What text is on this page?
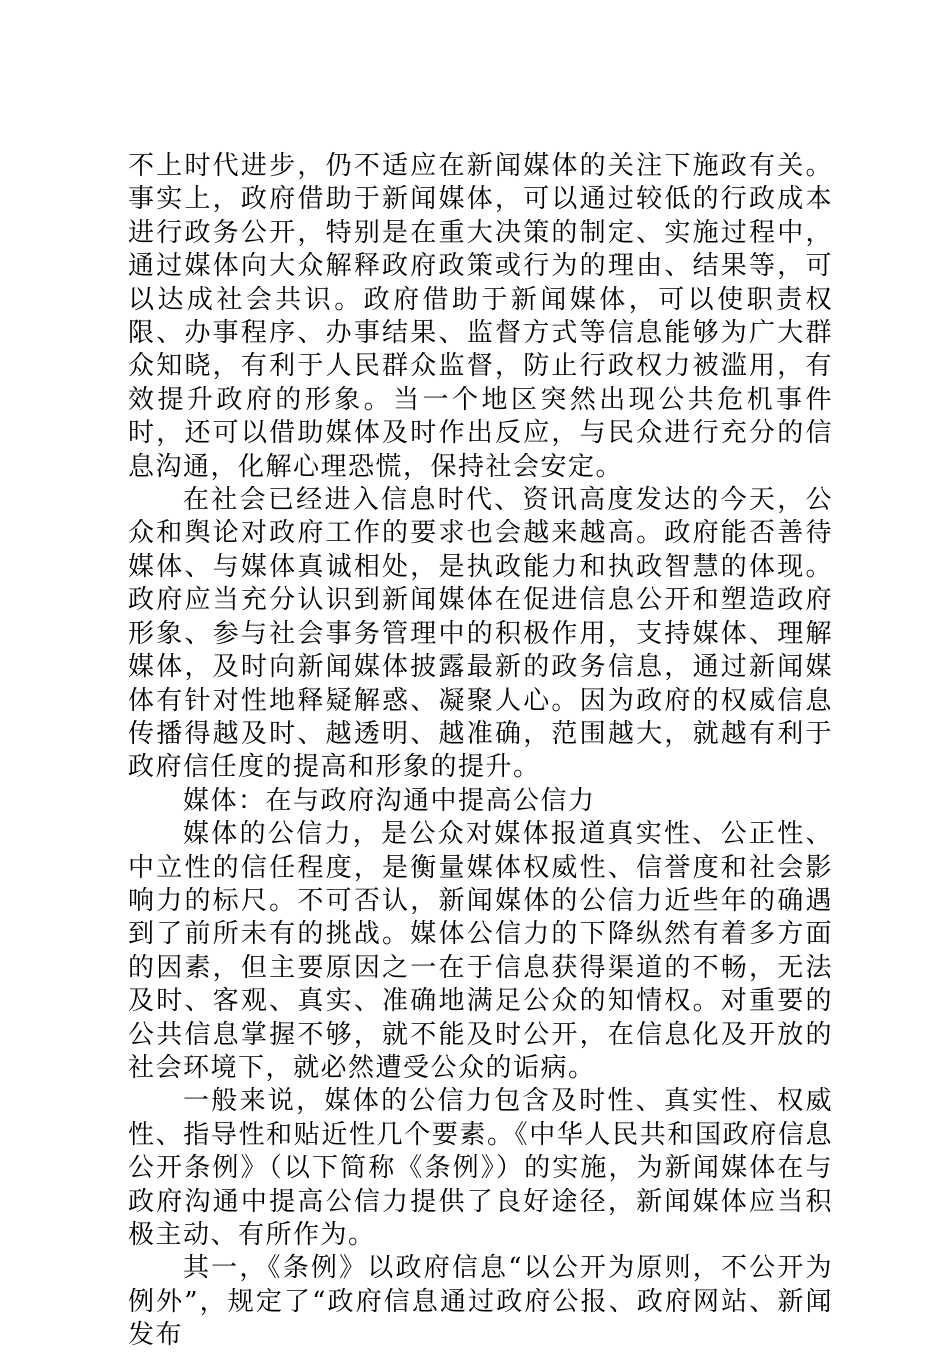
不上时代进步，仍不适应在新闻媒体的关注下施政有关。事实上，政府借助于新闻媒体，可以通过较低的行政成本进行政务公开，特别是在重大决策的制定、实施过程中，通过媒体向大众解释政府政策或行为的理由、结果等，可以达成社会共识。政府借助于新闻媒体，可以使职责权限、办事程序、办事结果、监督方式等信息能够为广大群众知晓，有利于人民群众监督，防止行政权力被滥用，有效提升政府的形象。当一个地区突然出现公共危机事件时，还可以借助媒体及时作出反应，与民众进行充分的信息沟通，化解心理恐慌，保持社会安定。

在社会已经进入信息时代、资讯高度发达的今天，公众和舆论对政府工作的要求也会越来越高。政府能否善待媒体、与媒体真诚相处，是执政能力和执政智慧的体现。政府应当充分认识到新闻媒体在促进信息公开和塑造政府形象、参与社会事务管理中的积极作用，支持媒体、理解媒体，及时向新闻媒体披露最新的政务信息，通过新闻媒体有针对性地释疑解惑、凝聚人心。因为政府的权威信息传播得越及时、越透明、越准确，范围越大，就越有利于政府信任度的提高和形象的提升。

媒体：在与政府沟通中提高公信力

媒体的公信力，是公众对媒体报道真实性、公正性、中立性的信任程度，是衡量媒体权威性、信誉度和社会影响力的标尺。不可否认，新闻媒体的公信力近些年的确遇到了前所未有的挑战。媒体公信力的下降纵然有着多方面的因素，但主要原因之一在于信息获得渠道的不畅，无法及时、客观、真实、准确地满足公众的知情权。对重要的公共信息掌握不够，就不能及时公开，在信息化及开放的社会环境下，就必然遭受公众的诟病。

一般来说，媒体的公信力包含及时性、真实性、权威性、指导性和贴近性几个要素。《中华人民共和国政府信息公开条例》（以下简称《条例》）的实施，为新闻媒体在与政府沟通中提高公信力提供了良好途径，新闻媒体应当积极主动、有所作为。

其一，《条例》以政府信息“以公开为原则，不公开为例外”，规定了“政府信息通过政府公报、政府网站、新闻发布
